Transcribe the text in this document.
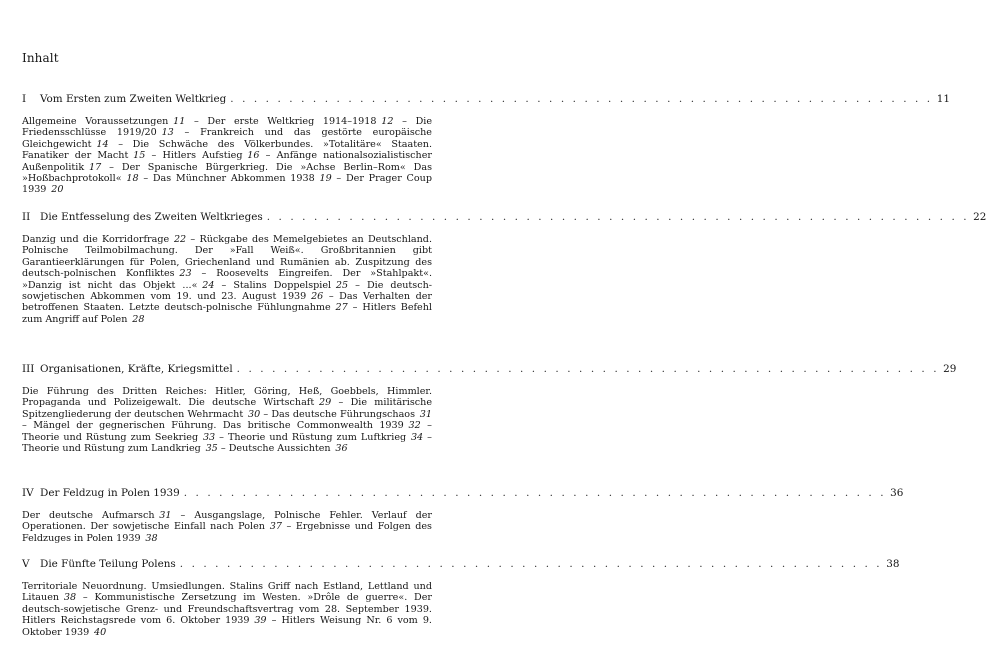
Inhalt
I	Vom Ersten zum Zweiten Weltkrieg . . . . . . . . . . . . . . . . . . . . . . . . . . . . . . . . . . . . . . . . . . . . . . . . . . . . . . . . . . . . 11
Allgemeine Voraussetzungen  11 – Der erste Weltkrieg 1914–1918  12 – Die Friedensschlüsse 1919/20  13 – Frankreich und das gestörte europäische Gleichgewicht  14 – Die Schwäche des Völkerbundes. »Totalitäre« Staaten. Fanatiker der Macht  15 – Hitlers Aufstieg  16 – Anfänge nationalsozialistischer Außenpolitik  17 – Der Spanische Bürgerkrieg. Die »Achse Berlin–Rom« Das »Hoßbachprotokoll«  18 – Das Münchner Abkommen 1938  19 – Der Prager Coup 1939  20
II Die Entfesselung des Zweiten Weltkrieges . . . . . . . . . . . . . . . . . . . . . . . . . . . . . . . . . . . . . . . . . . . . . . . . . . . . . . . . . . . . 22
Danzig und die Korridorfrage  22 – Rückgabe des Memelgebietes an Deutschland. Polnische Teilmobilmachung. Der »Fall Weiß«. Großbritannien gibt Garantieerklärungen für Polen, Griechenland und Rumänien ab. Zuspitzung des deutsch-polnischen Konfliktes  23 – Roosevelts Eingreifen. Der »Stahlpakt«. »Danzig ist nicht das Objekt ...«  24 – Stalins Doppelspiel  25 – Die deutsch-sowjetischen Abkommen vom 19. und 23. August 1939  26 – Das Verhalten der betroffenen Staaten. Letzte deutsch-polnische Fühlungnahme  27 – Hitlers Befehl zum Angriff auf Polen  28
III Organisationen, Kräfte, Kriegsmittel . . . . . . . . . . . . . . . . . . . . . . . . . . . . . . . . . . . . . . . . . . . . . . . . . . . . . . . . . . . . 29
Die Führung des Dritten Reiches: Hitler, Göring, Heß, Goebbels, Himmler. Propaganda und Polizeigewalt. Die deutsche Wirtschaft  29 – Die militärische Spitzengliederung der deutschen Wehrmacht  30 – Das deutsche Führungschaos  31 – Mängel der gegnerischen Führung. Das britische Commonwealth 1939  32 – Theorie und Rüstung zum Seekrieg  33 – Theorie und Rüstung zum Luftkrieg  34 – Theorie und Rüstung zum Landkrieg  35 – Deutsche Aussichten  36
IV Der Feldzug in Polen 1939 . . . . . . . . . . . . . . . . . . . . . . . . . . . . . . . . . . . . . . . . . . . . . . . . . . . . . . . . . . . . 36
Der deutsche Aufmarsch  31 – Ausgangslage, Polnische Fehler. Verlauf der Operationen. Der sowjetische Einfall nach Polen  37 – Ergebnisse und Folgen des Feldzuges in Polen 1939  38
V	Die Fünfte Teilung Polens . . . . . . . . . . . . . . . . . . . . . . . . . . . . . . . . . . . . . . . . . . . . . . . . . . . . . . . . . . . . 38
Territoriale Neuordnung. Umsiedlungen. Stalins Griff nach Estland, Lettland und Litauen  38 – Kommunistische Zersetzung im Westen. »Drôle de guerre«. Der deutsch-sowjetische Grenz- und Freundschaftsvertrag vom 28. September 1939. Hitlers Reichstagsrede vom 6. Oktober 1939  39 – Hitlers Weisung Nr. 6 vom 9. Oktober 1939  40
